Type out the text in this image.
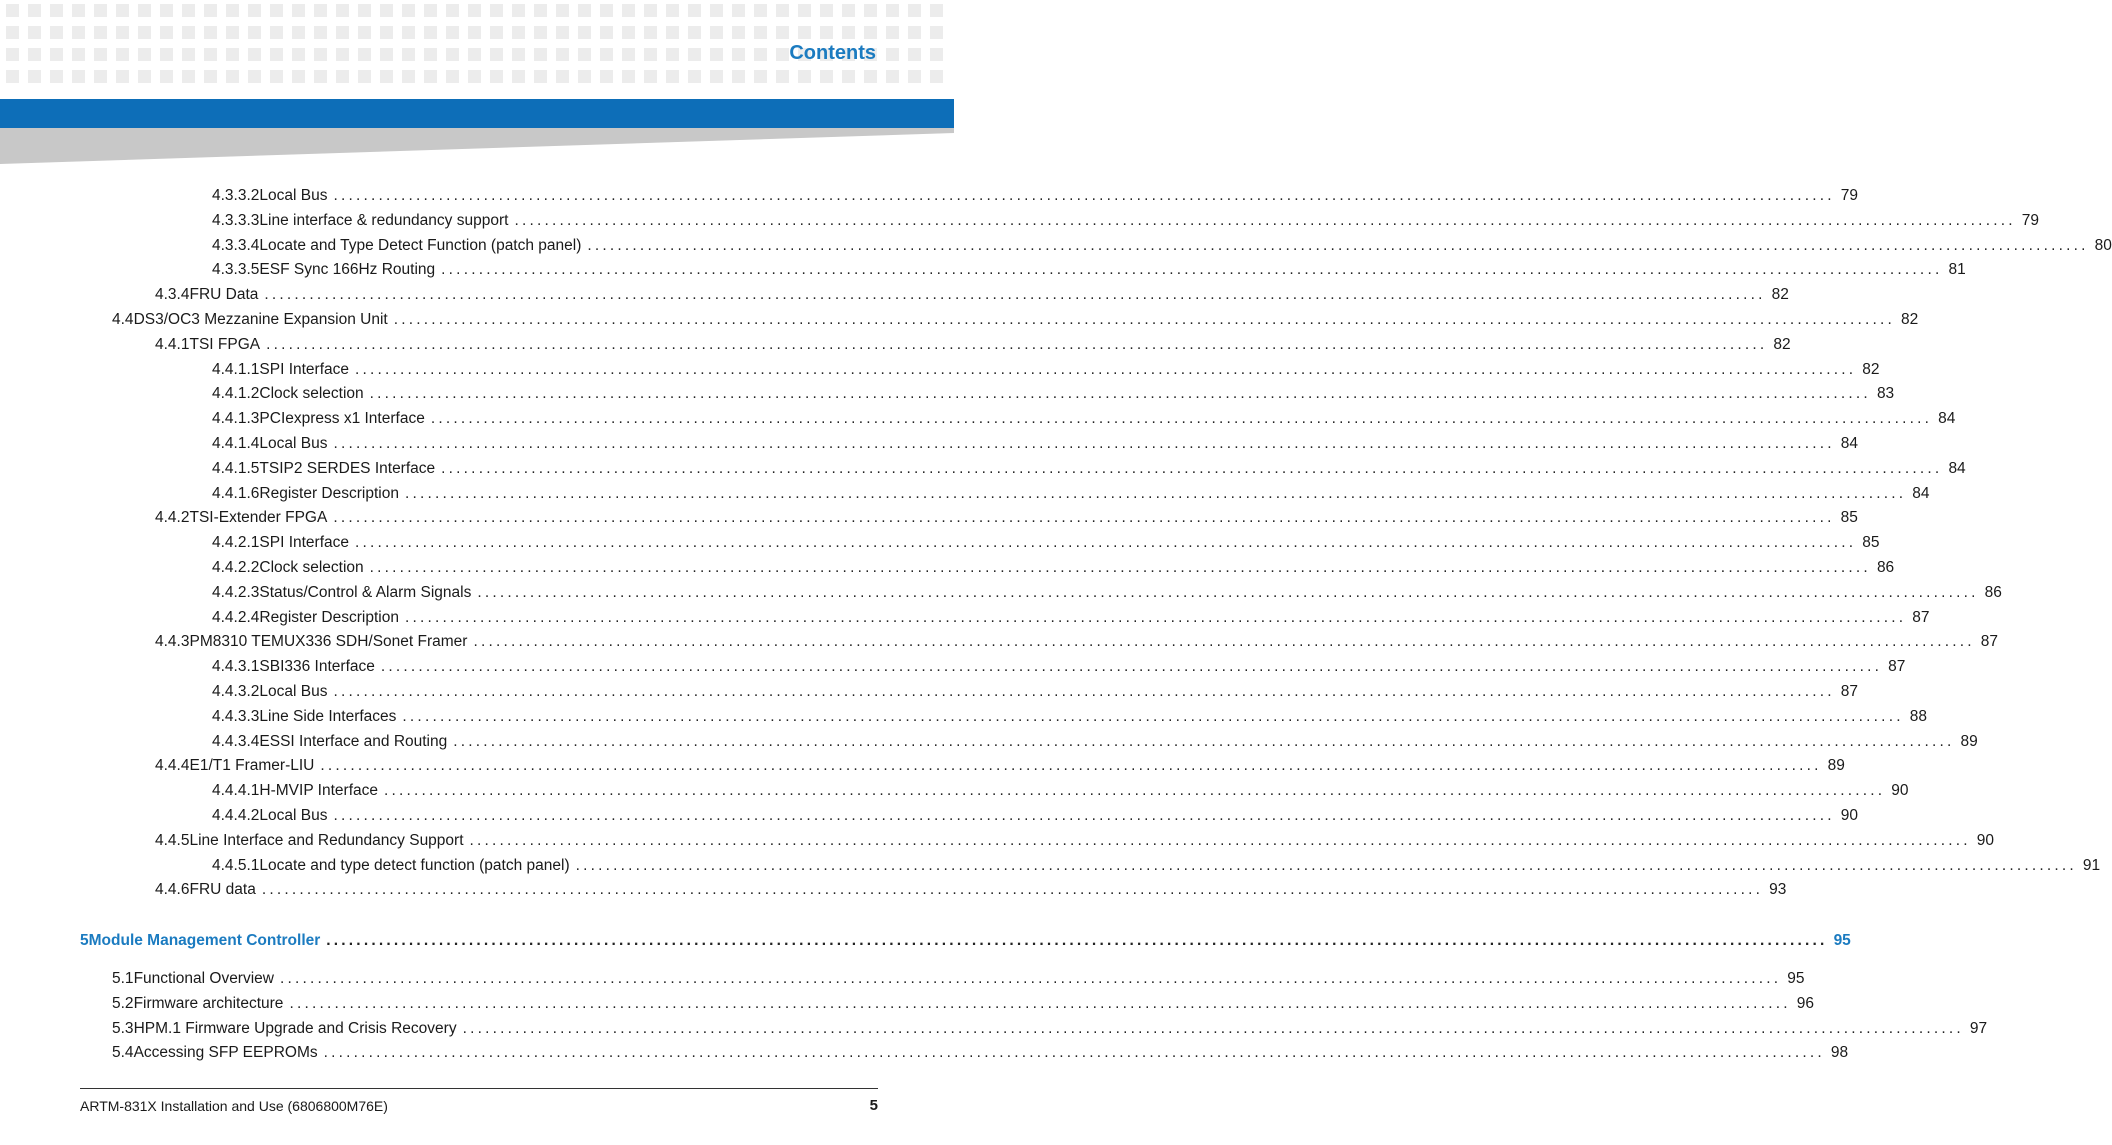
Contents
4.3.3.2 Local Bus ........................................................................................................................................................................................................ 79
4.3.3.3 Line interface & redundancy support ........................................................................................................................................................................................................ 79
4.3.3.4 Locate and Type Detect Function (patch panel) ........................................................................................................................................................................................................ 80
4.3.3.5 ESF Sync 166Hz Routing ........................................................................................................................................................................................................ 81
4.3.4 FRU Data ........................................................................................................................................................................................................ 82
4.4 DS3/OC3 Mezzanine Expansion Unit ........................................................................................................................................................................................................ 82
4.4.1 TSI FPGA ........................................................................................................................................................................................................ 82
4.4.1.1 SPI Interface ........................................................................................................................................................................................................ 82
4.4.1.2 Clock selection ........................................................................................................................................................................................................ 83
4.4.1.3 PCIexpress x1 Interface ........................................................................................................................................................................................................ 84
4.4.1.4 Local Bus ........................................................................................................................................................................................................ 84
4.4.1.5 TSIP2 SERDES Interface ........................................................................................................................................................................................................ 84
4.4.1.6 Register Description ........................................................................................................................................................................................................ 84
4.4.2 TSI-Extender FPGA ........................................................................................................................................................................................................ 85
4.4.2.1 SPI Interface ........................................................................................................................................................................................................ 85
4.4.2.2 Clock selection ........................................................................................................................................................................................................ 86
4.4.2.3 Status/Control & Alarm Signals ........................................................................................................................................................................................................ 86
4.4.2.4 Register Description ........................................................................................................................................................................................................ 87
4.4.3 PM8310 TEMUX336 SDH/Sonet Framer ........................................................................................................................................................................................................ 87
4.4.3.1 SBI336 Interface ........................................................................................................................................................................................................ 87
4.4.3.2 Local Bus ........................................................................................................................................................................................................ 87
4.4.3.3 Line Side Interfaces ........................................................................................................................................................................................................ 88
4.4.3.4 ESSI Interface and Routing ........................................................................................................................................................................................................ 89
4.4.4 E1/T1 Framer-LIU ........................................................................................................................................................................................................ 89
4.4.4.1 H-MVIP Interface ........................................................................................................................................................................................................ 90
4.4.4.2 Local Bus ........................................................................................................................................................................................................ 90
4.4.5 Line Interface and Redundancy Support ........................................................................................................................................................................................................ 90
4.4.5.1 Locate and type detect function (patch panel) ........................................................................................................................................................................................................ 91
4.4.6 FRU data ........................................................................................................................................................................................................ 93
5 Module Management Controller ........................................................................................................................................................................................................ 95
5.1 Functional Overview ........................................................................................................................................................................................................ 95
5.2 Firmware architecture ........................................................................................................................................................................................................ 96
5.3 HPM.1 Firmware Upgrade and Crisis Recovery ........................................................................................................................................................................................................ 97
5.4 Accessing SFP EEPROMs ........................................................................................................................................................................................................ 98
ARTM-831X Installation and Use (6806800M76E)	5
